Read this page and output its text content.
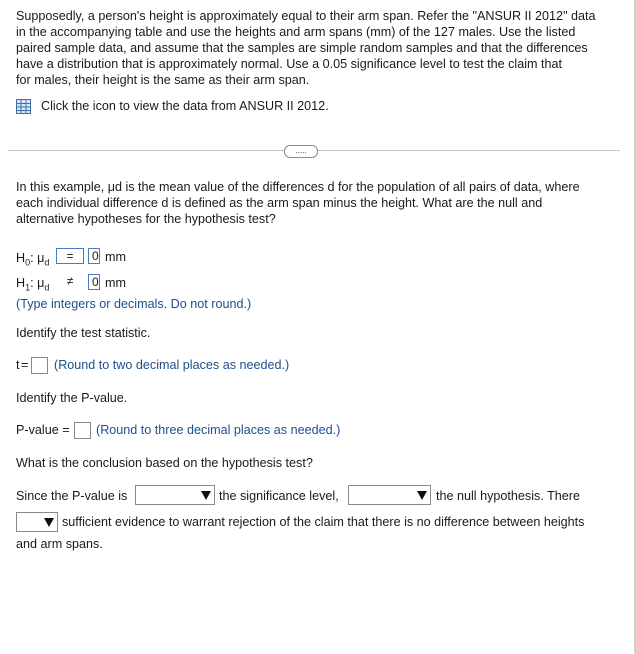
Supposedly, a person's height is approximately equal to their arm span. Refer the "ANSUR II 2012" data
in the accompanying table and use the heights and arm spans (mm) of the 127 males. Use the listed
paired sample data, and assume that the samples are simple random samples and that the differences
have a distribution that is approximately normal. Use a 0.05 significance level to test the claim that
for males, their height is the same as their arm span.
Click the icon to view the data from ANSUR II 2012.
.....
In this example, μd is the mean value of the differences d for the population of all pairs of data, where
each individual difference d is defined as the arm span minus the height. What are the null and
alternative hypotheses for the hypothesis test?
$H_0$: $\mu_d$	=	0 mm
$H_1$: $\mu_d$	≠	0 mm
(Type integers or decimals. Do not round.)
Identify the test statistic.
t = (Round to two decimal places as needed.)
Identify the P-value.
P-value = (Round to three decimal places as needed.)
What is the conclusion based on the hypothesis test?
Since the P-value is	the significance level,	the null hypothesis. There
sufficient evidence to warrant rejection of the claim that there is no difference between heights
and arm spans.
